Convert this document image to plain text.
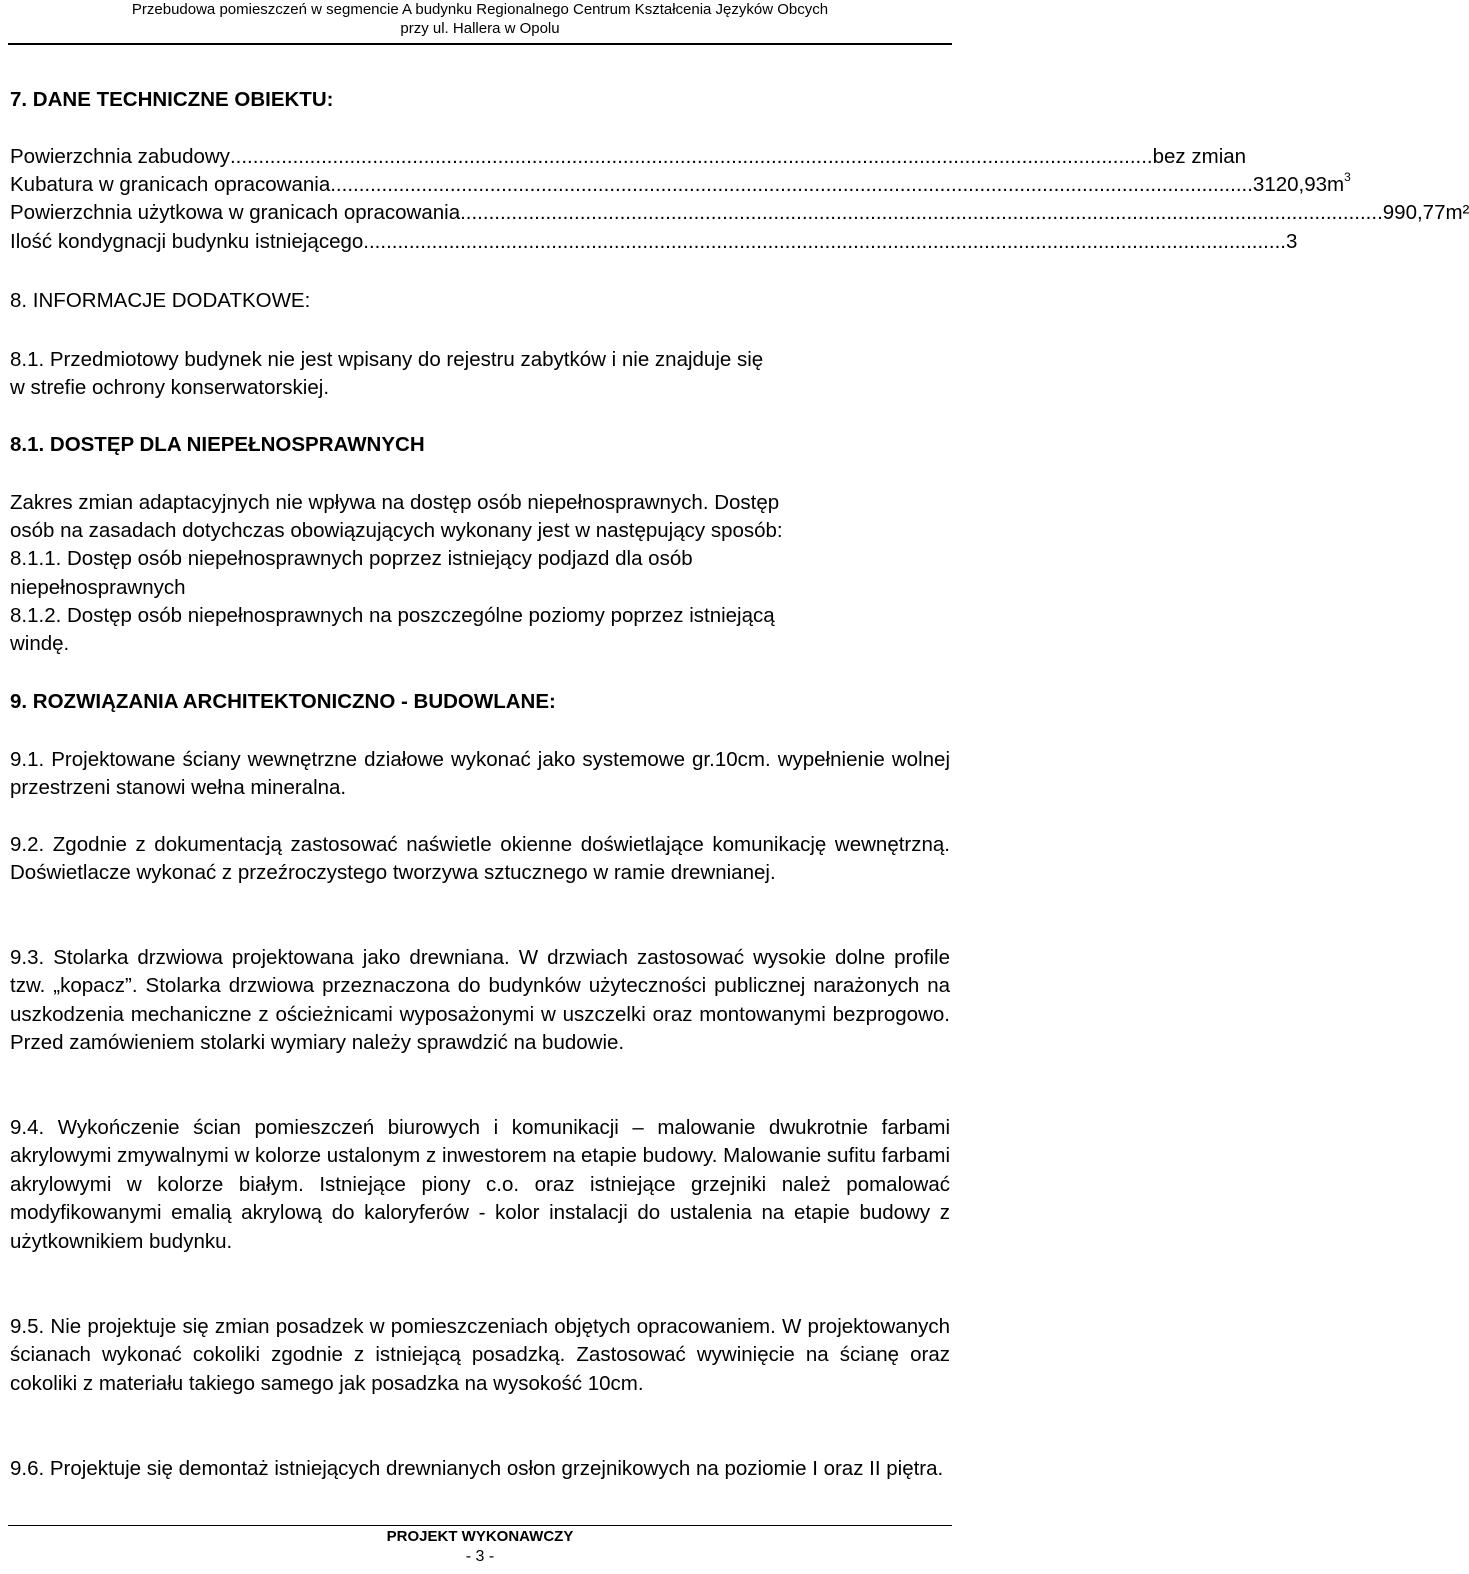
Przebudowa pomieszczeń w segmencie A budynku Regionalnego Centrum Kształcenia Języków Obcych
przy ul. Hallera w Opolu
7. DANE TECHNICZNE OBIEKTU:
Powierzchnia zabudowy .................................................................................................................................................................. bez zmian
Kubatura w granicach opracowania .................................................................................................................................................................. $3120,93m^3$
Powierzchnia użytkowa w granicach opracowania .................................................................................................................................................................. 990,77m²
Ilość kondygnacji budynku istniejącego .................................................................................................................................................................. 3
8. INFORMACJE DODATKOWE:
8.1. Przedmiotowy budynek nie jest wpisany do rejestru zabytków i nie znajduje się
w strefie ochrony konserwatorskiej.
8.1. DOSTĘP DLA NIEPEŁNOSPRAWNYCH
Zakres zmian adaptacyjnych nie wpływa na dostęp osób niepełnosprawnych. Dostęp
osób na zasadach dotychczas obowiązujących wykonany jest w następujący sposób:
8.1.1. Dostęp osób niepełnosprawnych poprzez istniejący podjazd dla osób
niepełnosprawnych
8.1.2. Dostęp osób niepełnosprawnych na poszczególne poziomy poprzez istniejącą
windę.
9. ROZWIĄZANIA ARCHITEKTONICZNO - BUDOWLANE:
9.1. Projektowane ściany wewnętrzne działowe wykonać jako systemowe gr.10cm. wypełnienie wolnej przestrzeni stanowi wełna mineralna.
9.2. Zgodnie z dokumentacją zastosować naświetle okienne doświetlające komunikację wewnętrzną. Doświetlacze wykonać z przeźroczystego tworzywa sztucznego w ramie drewnianej.
9.3. Stolarka drzwiowa projektowana jako drewniana. W drzwiach zastosować wysokie dolne profile tzw. „kopacz”. Stolarka drzwiowa przeznaczona do budynków użyteczności publicznej narażonych na uszkodzenia mechaniczne z ościeżnicami wyposażonymi w uszczelki oraz montowanymi bezprogowo. Przed zamówieniem stolarki wymiary należy sprawdzić na budowie.
9.4. Wykończenie ścian pomieszczeń biurowych i komunikacji – malowanie dwukrotnie farbami akrylowymi zmywalnymi w kolorze ustalonym z inwestorem na etapie budowy. Malowanie sufitu farbami akrylowymi w kolorze białym. Istniejące piony c.o. oraz istniejące grzejniki należ pomalować modyfikowanymi emalią akrylową do kaloryferów - kolor instalacji do ustalenia na etapie budowy z użytkownikiem budynku.
9.5. Nie projektuje się zmian posadzek w pomieszczeniach objętych opracowaniem. W projektowanych ścianach wykonać cokoliki zgodnie z istniejącą posadzką. Zastosować wywinięcie na ścianę oraz cokoliki z materiału takiego samego jak posadzka na wysokość 10cm.
9.6. Projektuje się demontaż istniejących drewnianych osłon grzejnikowych na poziomie I oraz II piętra.
PROJEKT WYKONAWCZY
- 3 -
